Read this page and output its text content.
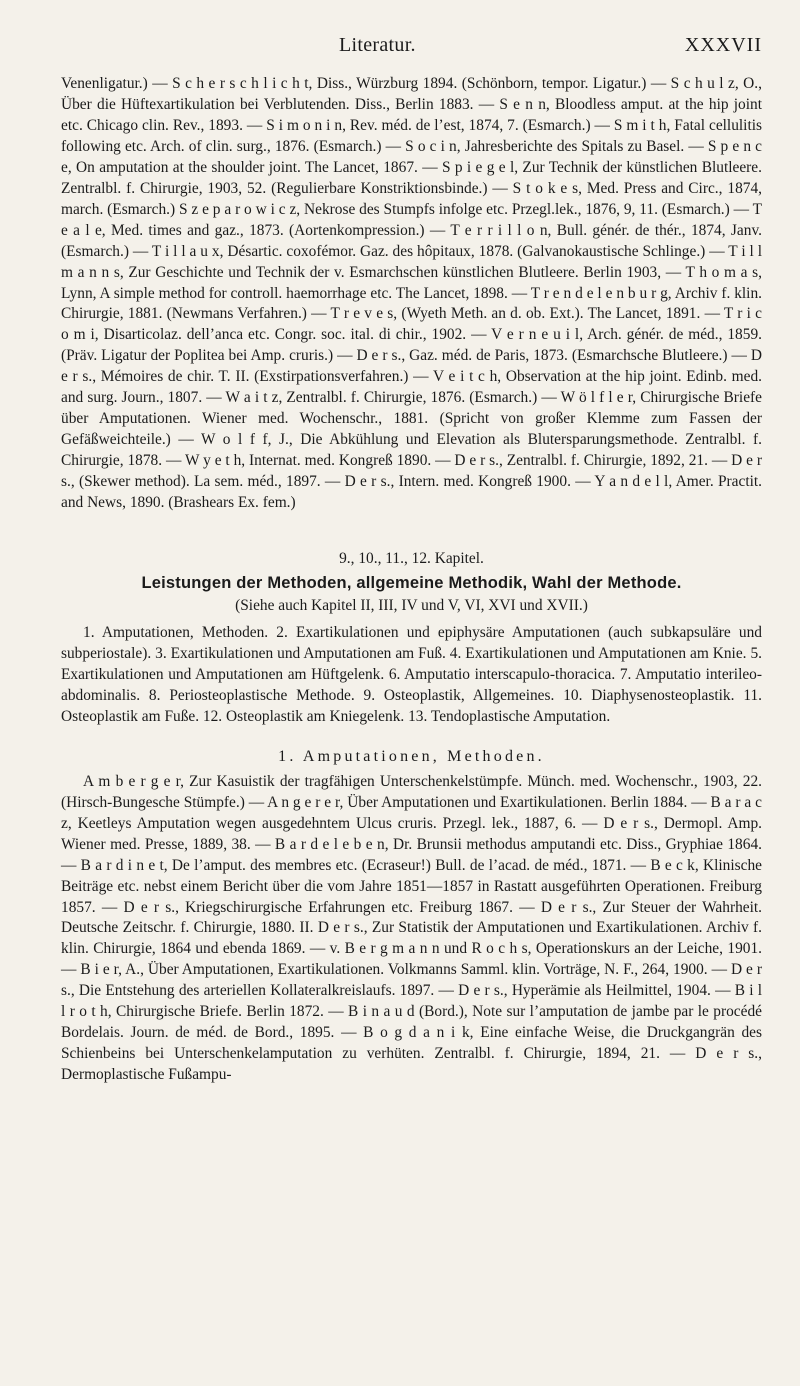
Literatur.	XXXVII

Venenligatur.) — S c h e r s c h l i c h t, Diss., Würzburg 1894. (Schönborn, tempor. Ligatur.) — S c h u l z, O., Über die Hüftexartikulation bei Verblutenden. Diss., Berlin 1883. — S e n n, Bloodless amput. at the hip joint etc. Chicago clin. Rev., 1893. — S i m o n i n, Rev. méd. de l’est, 1874, 7. (Esmarch.) — S m i t h, Fatal cellulitis following etc. Arch. of clin. surg., 1876. (Esmarch.) — S o c i n, Jahresberichte des Spitals zu Basel. — S p e n c e, On amputation at the shoulder joint. The Lancet, 1867. — S p i e g e l, Zur Technik der künstlichen Blutleere. Zentralbl. f. Chirurgie, 1903, 52. (Regulierbare Konstriktionsbinde.) — S t o k e s, Med. Press and Circ., 1874, march. (Esmarch.) S z e p a r o w i c z, Nekrose des Stumpfs infolge etc. Przegl.lek., 1876, 9, 11. (Esmarch.) — T e a l e, Med. times and gaz., 1873. (Aortenkompression.) — T e r r i l l o n, Bull. génér. de thér., 1874, Janv. (Esmarch.) — T i l l a u x, Désartic. coxofémor. Gaz. des hôpitaux, 1878. (Galvanokaustische Schlinge.) — T i l l m a n n s, Zur Geschichte und Technik der v. Esmarchschen künstlichen Blutleere. Berlin 1903, — T h o m a s, Lynn, A simple method for controll. haemorrhage etc. The Lancet, 1898. — T r e n d e l e n b u r g, Archiv f. klin. Chirurgie, 1881. (Newmans Verfahren.) — T r e v e s, (Wyeth Meth. an d. ob. Ext.). The Lancet, 1891. — T r i c o m i, Disarticolaz. dell’anca etc. Congr. soc. ital. di chir., 1902. — V e r n e u i l, Arch. génér. de méd., 1859. (Präv. Ligatur der Poplitea bei Amp. cruris.) — D e r s., Gaz. méd. de Paris, 1873. (Esmarchsche Blutleere.) — D e r s., Mémoires de chir. T. II. (Exstirpationsverfahren.) — V e i t c h, Observation at the hip joint. Edinb. med. and surg. Journ., 1807. — W a i t z, Zentralbl. f. Chirurgie, 1876. (Esmarch.) — W ö l f l e r, Chirurgische Briefe über Amputationen. Wiener med. Wochenschr., 1881. (Spricht von großer Klemme zum Fassen der Gefäßweichteile.) — W o l f f, J., Die Abkühlung und Elevation als Blutersparungsmethode. Zentralbl. f. Chirurgie, 1878. — W y e t h, Internat. med. Kongreß 1890. — D e r s., Zentralbl. f. Chirurgie, 1892, 21. — D e r s., (Skewer method). La sem. méd., 1897. — D e r s., Intern. med. Kongreß 1900. — Y a n d e l l, Amer. Practit. and News, 1890. (Brashears Ex. fem.)

9., 10., 11., 12. Kapitel.
Leistungen der Methoden, allgemeine Methodik, Wahl der Methode.
(Siehe auch Kapitel II, III, IV und V, VI, XVI und XVII.)

1. Amputationen, Methoden. 2. Exartikulationen und epiphysäre Amputationen (auch subkapsuläre und subperiostale). 3. Exartikulationen und Amputationen am Fuß. 4. Exartikulationen und Amputationen am Knie. 5. Exartikulationen und Amputationen am Hüftgelenk. 6. Amputatio interscapulo-thoracica. 7. Amputatio interileo-abdominalis. 8. Periosteoplastische Methode. 9. Osteoplastik, Allgemeines. 10. Diaphysenosteoplastik. 11. Osteoplastik am Fuße. 12. Osteoplastik am Kniegelenk. 13. Tendoplastische Amputation.

1. Amputationen, Methoden.

A m b e r g e r, Zur Kasuistik der tragfähigen Unterschenkelstümpfe. Münch. med. Wochenschr., 1903, 22. (Hirsch-Bungesche Stümpfe.) — A n g e r e r, Über Amputationen und Exartikulationen. Berlin 1884. — B a r a c z, Keetleys Amputation wegen ausgedehntem Ulcus cruris. Przegl. lek., 1887, 6. — D e r s., Dermopl. Amp. Wiener med. Presse, 1889, 38. — B a r d e l e b e n, Dr. Brunsii methodus amputandi etc. Diss., Gryphiae 1864. — B a r d i n e t, De l’amput. des membres etc. (Ecraseur!) Bull. de l’acad. de méd., 1871. — B e c k, Klinische Beiträge etc. nebst einem Bericht über die vom Jahre 1851—1857 in Rastatt ausgeführten Operationen. Freiburg 1857. — D e r s., Kriegschirurgische Erfahrungen etc. Freiburg 1867. — D e r s., Zur Steuer der Wahrheit. Deutsche Zeitschr. f. Chirurgie, 1880. II. D e r s., Zur Statistik der Amputationen und Exartikulationen. Archiv f. klin. Chirurgie, 1864 und ebenda 1869. — v. B e r g m a n n und R o c h s, Operationskurs an der Leiche, 1901. — B i e r, A., Über Amputationen, Exartikulationen. Volkmanns Samml. klin. Vorträge, N. F., 264, 1900. — D e r s., Die Entstehung des arteriellen Kollateralkreislaufs. 1897. — D e r s., Hyperämie als Heilmittel, 1904. — B i l l r o t h, Chirurgische Briefe. Berlin 1872. — B i n a u d (Bord.), Note sur l’amputation de jambe par le procédé Bordelais. Journ. de méd. de Bord., 1895. — B o g d a n i k, Eine einfache Weise, die Druckgangrän des Schienbeins bei Unterschenkelamputation zu verhüten. Zentralbl. f. Chirurgie, 1894, 21. — D e r s., Dermoplastische Fußampu-
